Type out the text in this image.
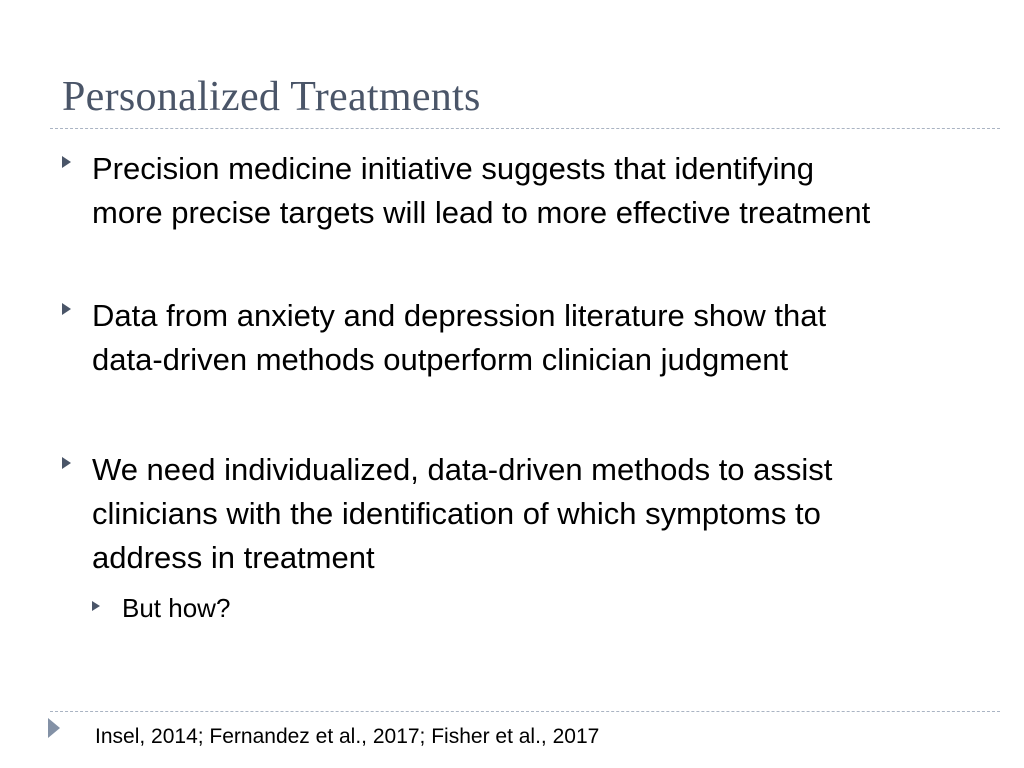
Personalized Treatments
Precision medicine initiative suggests that identifying
more precise targets will lead to more effective treatment
Data from anxiety and depression literature show that
data-driven methods outperform clinician judgment
We need individualized, data-driven methods to assist
clinicians with the identification of which symptoms to
address in treatment
But how?
Insel, 2014; Fernandez et al., 2017; Fisher et al., 2017
